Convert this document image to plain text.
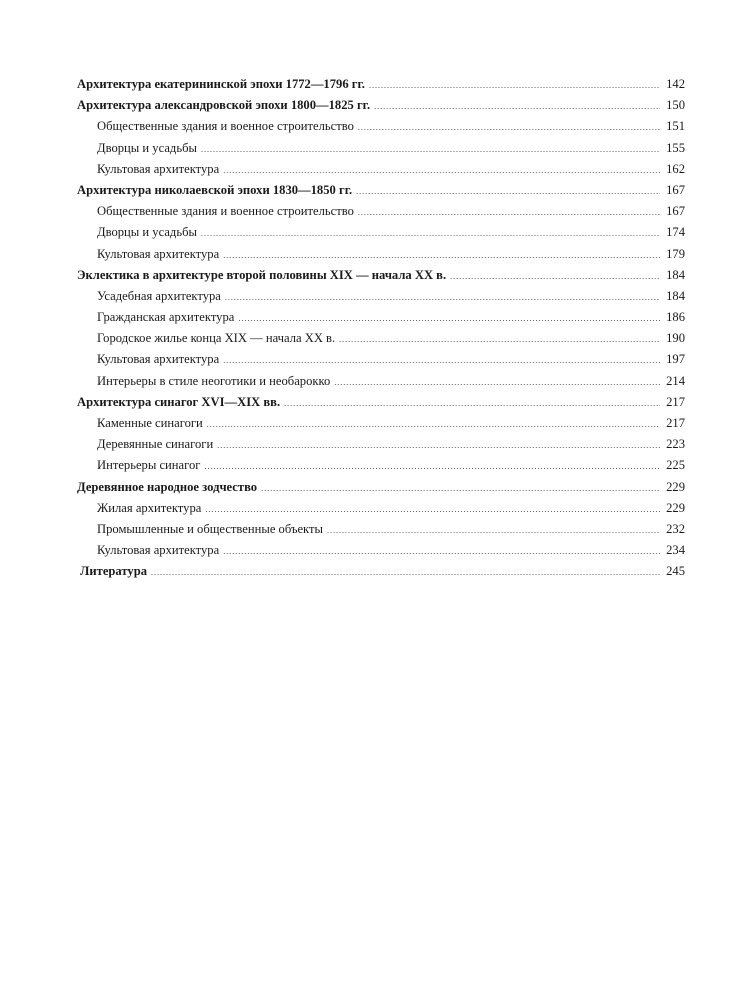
Архитектура екатерининской эпохи 1772—1796 гг. .....	142
Архитектура александровской эпохи 1800—1825 гг. .....	150
Общественные здания и военное строительство .....	151
Дворцы и усадьбы .....	155
Культовая архитектура .....	162
Архитектура николаевской эпохи 1830—1850 гг. .....	167
Общественные здания и военное строительство .....	167
Дворцы и усадьбы .....	174
Культовая архитектура .....	179
Эклектика в архитектуре второй половины XIX — начала XX в. .....	184
Усадебная архитектура .....	184
Гражданская архитектура .....	186
Городское жилье конца XIX — начала XX в. .....	190
Культовая архитектура .....	197
Интерьеры в стиле неоготики и необарокко .....	214
Архитектура синагог XVI—XIX вв. .....	217
Каменные синагоги .....	217
Деревянные синагоги .....	223
Интерьеры синагог .....	225
Деревянное народное зодчество .....	229
Жилая архитектура .....	229
Промышленные и общественные объекты .....	232
Культовая архитектура .....	234
Литература .....	245
